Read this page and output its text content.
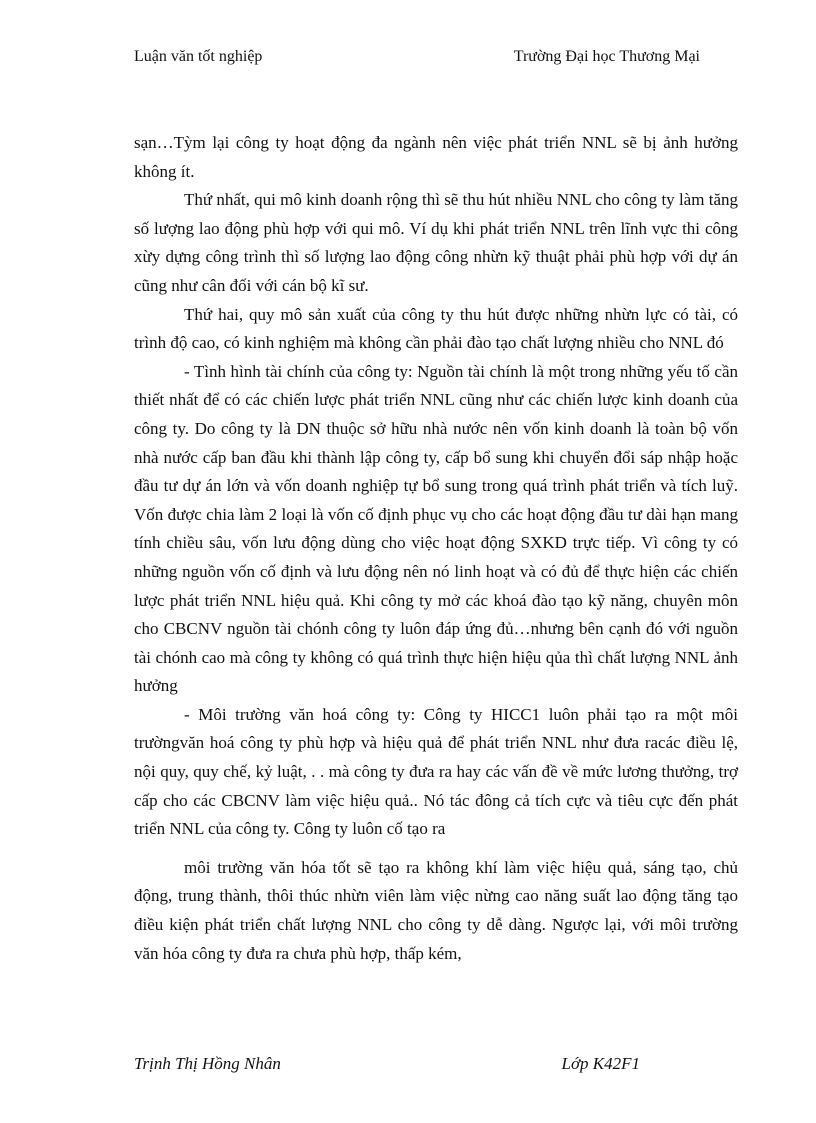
Luận văn tốt nghiệp	Trường Đại học Thương Mại

sạn…Tỳm lại công ty hoạt động đa ngành nên việc phát triển NNL sẽ bị ảnh hưởng không ít.

Thứ nhất, qui mô kinh doanh rộng thì sẽ thu hút nhiều NNL cho công ty làm tăng số lượng lao động phù hợp với qui mô. Ví dụ khi phát triển NNL trên lĩnh vực thi công xừy dựng công trình thì số lượng lao động công nhừn kỹ thuật phải phù hợp với dự án cũng như cân đối với cán bộ kĩ sư.

Thứ hai, quy mô sản xuất của công ty thu hút được những nhừn lực có tài, có trình độ cao, có kinh nghiệm mà không cần phải đào tạo chất lượng nhiều cho NNL đó

- Tình hình tài chính của công ty: Nguồn tài chính là một trong những yếu tố cần thiết nhất để có các chiến lược phát triển NNL cũng như các chiến lược kinh doanh của công ty. Do công ty là DN thuộc sở hữu nhà nước nên vốn kinh doanh là toàn bộ vốn nhà nước cấp ban đầu khi thành lập công ty, cấp bổ sung khi chuyển đổi sáp nhập hoặc đầu tư dự án lớn và vốn doanh nghiệp tự bổ sung trong quá trình phát triển và tích luỹ. Vốn được chia làm 2 loại là vốn cố định phục vụ cho các hoạt động đầu tư dài hạn mang tính chiều sâu, vốn lưu động dùng cho việc hoạt động SXKD trực tiếp. Vì công ty có những nguồn vốn cố định và lưu động nên nó linh hoạt và có đủ để thực hiện các chiến lược phát triển NNL hiệu quả. Khi công ty mở các khoá đào tạo kỹ năng, chuyên môn cho CBCNV nguồn tài chónh công ty luôn đáp ứng đủ…nhưng bên cạnh đó với nguồn tài chónh cao mà công ty không có quá trình thực hiện hiệu qủa thì chất lượng NNL ảnh hưởng

- Môi trường văn hoá công ty: Công ty HICC1 luôn phải tạo ra một môi trườngvăn hoá công ty phù hợp và hiệu quả để phát triển NNL như đưa racác điều lệ, nội quy, quy chế, kỷ luật, . . mà công ty đưa ra hay các vấn đề về mức lương thưởng, trợ cấp cho các CBCNV làm việc hiệu quả.. Nó tác đông cả tích cực và tiêu cực đến phát triển NNL của công ty. Công ty luôn cố tạo ra

môi trường văn hóa tốt sẽ tạo ra không khí làm việc hiệu quả, sáng tạo, chủ động, trung thành, thôi thúc nhừn viên làm việc nừng cao năng suất lao động tăng tạo điều kiện phát triển chất lượng NNL cho công ty dễ dàng. Ngược lại, với môi trường văn hóa công ty đưa ra chưa phù hợp, thấp kém,

Trịnh Thị Hồng Nhân	Lớp K42F1
